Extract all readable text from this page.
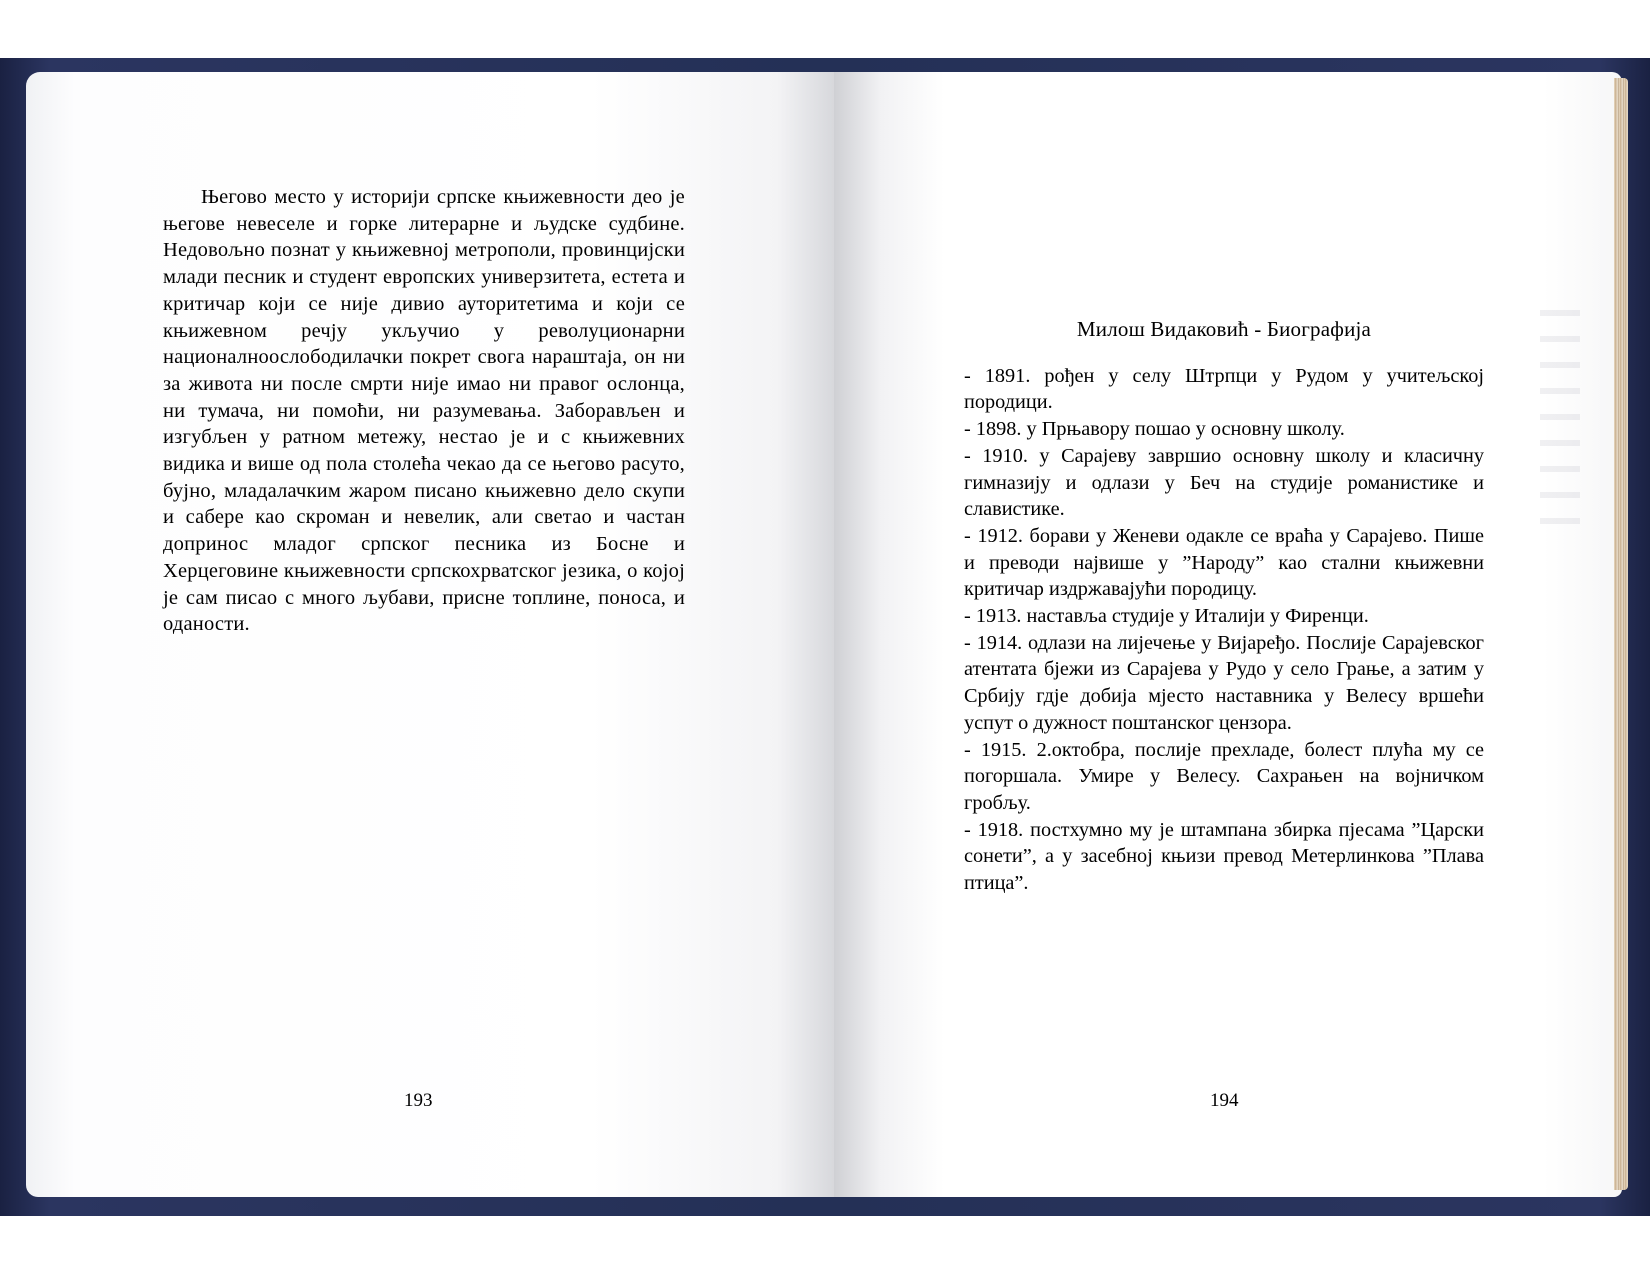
Његово место у историји српске књижевности део је његове невеселе и горке литерарне и људске судбине. Недовољно познат у књижевној метрополи, провинцијски млади песник и студент европских универзитета, естета и критичар који се није дивио ауторитетима и који се књижевном речју укључио у револуционарни националноослободилачки покрет свога нараштаја, он ни за живота ни после смрти није имао ни правог ослонца, ни тумача, ни помоћи, ни разумевања. Заборављен и изгубљен у ратном метежу, нестао је и с књижевних видика и више од пола столећа чекао да се његово расуто, бујно, младалачким жаром писано књижевно дело скупи и сабере као скроман и невелик, али светао и частан допринос младог српског песника из Босне и Херцеговине књижевности српскохрватског језика, о којој је сам писао с много љубави, присне топлине, поноса, и оданости.

193
Милош Видаковић - Биографија

- 1891. рођен у селу Штрпци у Рудом у учитељској породици.

- 1898. у Прњавору пошао у основну школу.

- 1910. у Сарајеву завршио основну школу и класичну гимназију и одлази у Беч на студије романистике и славистике.

- 1912. борави у Женеви одакле се враћа у Сарајево. Пише и преводи највише у ”Народу” као стални књижевни критичар издржавајући породицу.

- 1913. наставља студије у Италији у Фиренци.

- 1914. одлази на лијечење у Вијарeђо. Послије Сарајевског атентата бјежи из Сарајева у Рудо у село Грање, а затим у Србију гдје добија мјесто наставника у Велесу вршећи успут о дужност поштанског цензора.

- 1915. 2.октобра, послије прехладе, болест плућа му се погоршала. Умире у Велесу. Сахрањен на војничком гробљу.

- 1918. постхумно му је штампана збирка пјесама ”Царски сонети”, а у засебној књизи превод Метерлинкова ”Плава птица”.

194
